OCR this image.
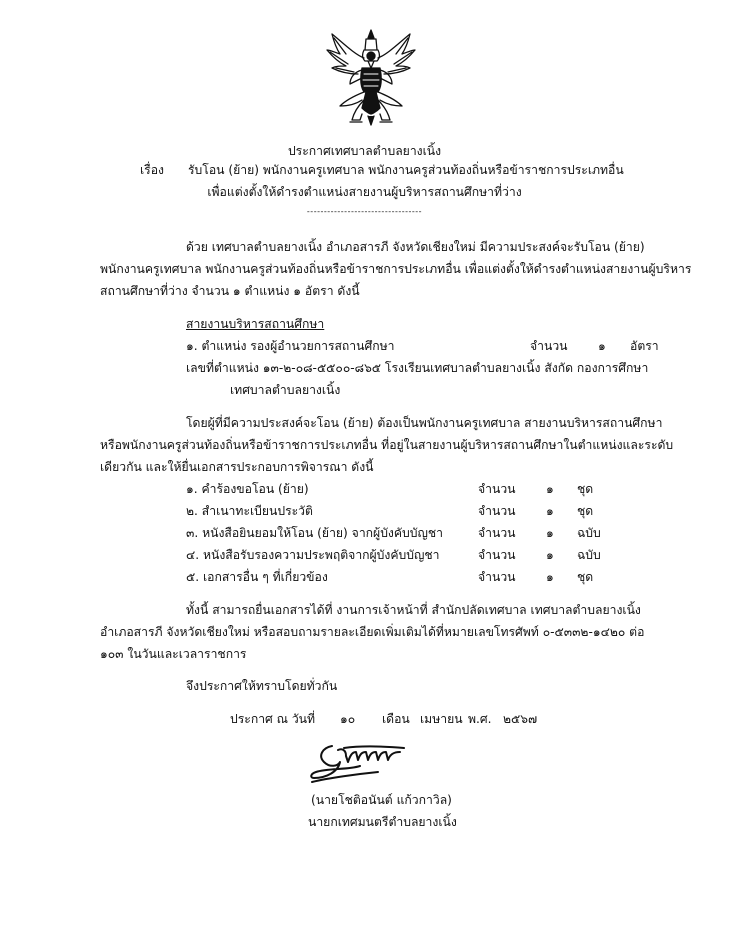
ประกาศเทศบาลตำบลยางเนิ้ง
เรื่อง รับโอน (ย้าย) พนักงานครูเทศบาล พนักงานครูส่วนท้องถิ่นหรือข้าราชการประเภทอื่น
เพื่อแต่งตั้งให้ดำรงตำแหน่งสายงานผู้บริหารสถานศึกษาที่ว่าง
----------------------------------
ด้วย เทศบาลตำบลยางเนิ้ง อำเภอสารภี จังหวัดเชียงใหม่ มีความประสงค์จะรับโอน (ย้าย)
พนักงานครูเทศบาล พนักงานครูส่วนท้องถิ่นหรือข้าราชการประเภทอื่น เพื่อแต่งตั้งให้ดำรงตำแหน่งสายงานผู้บริหาร
สถานศึกษาที่ว่าง จำนวน ๑ ตำแหน่ง ๑ อัตรา ดังนี้
สายงานบริหารสถานศึกษา
๑. ตำแหน่ง รองผู้อำนวยการสถานศึกษา	จำนวน	๑ อัตรา
เลขที่ตำแหน่ง ๑๓-๒-๐๘-๕๕๐๐-๘๖๕ โรงเรียนเทศบาลตำบลยางเนิ้ง สังกัด กองการศึกษา
เทศบาลตำบลยางเนิ้ง
โดยผู้ที่มีความประสงค์จะโอน (ย้าย) ต้องเป็นพนักงานครูเทศบาล สายงานบริหารสถานศึกษา
หรือพนักงานครูส่วนท้องถิ่นหรือข้าราชการประเภทอื่น ที่อยู่ในสายงานผู้บริหารสถานศึกษาในตำแหน่งและระดับ
เดียวกัน และให้ยื่นเอกสารประกอบการพิจารณา ดังนี้
๑. คำร้องขอโอน (ย้าย)	จำนวน	๑ ชุด
๒. สำเนาทะเบียนประวัติ	จำนวน	๑ ชุด
๓. หนังสือยินยอมให้โอน (ย้าย) จากผู้บังคับบัญชา	จำนวน	๑ ฉบับ
๔. หนังสือรับรองความประพฤติจากผู้บังคับบัญชา	จำนวน	๑ ฉบับ
๕. เอกสารอื่น ๆ ที่เกี่ยวข้อง	จำนวน	๑ ชุด
ทั้งนี้ สามารถยื่นเอกสารได้ที่ งานการเจ้าหน้าที่ สำนักปลัดเทศบาล เทศบาลตำบลยางเนิ้ง
อำเภอสารภี จังหวัดเชียงใหม่ หรือสอบถามรายละเอียดเพิ่มเติมได้ที่หมายเลขโทรศัพท์ ๐-๕๓๓๒-๑๔๒๐ ต่อ
๑๐๓ ในวันและเวลาราชการ
จึงประกาศให้ทราบโดยทั่วกัน
ประกาศ ณ วันที่ ๑๐ เดือน เมษายน พ.ศ. ๒๕๖๗
(นายโชติอนันต์ แก้วกาวิล)
นายกเทศมนตรีตำบลยางเนิ้ง
